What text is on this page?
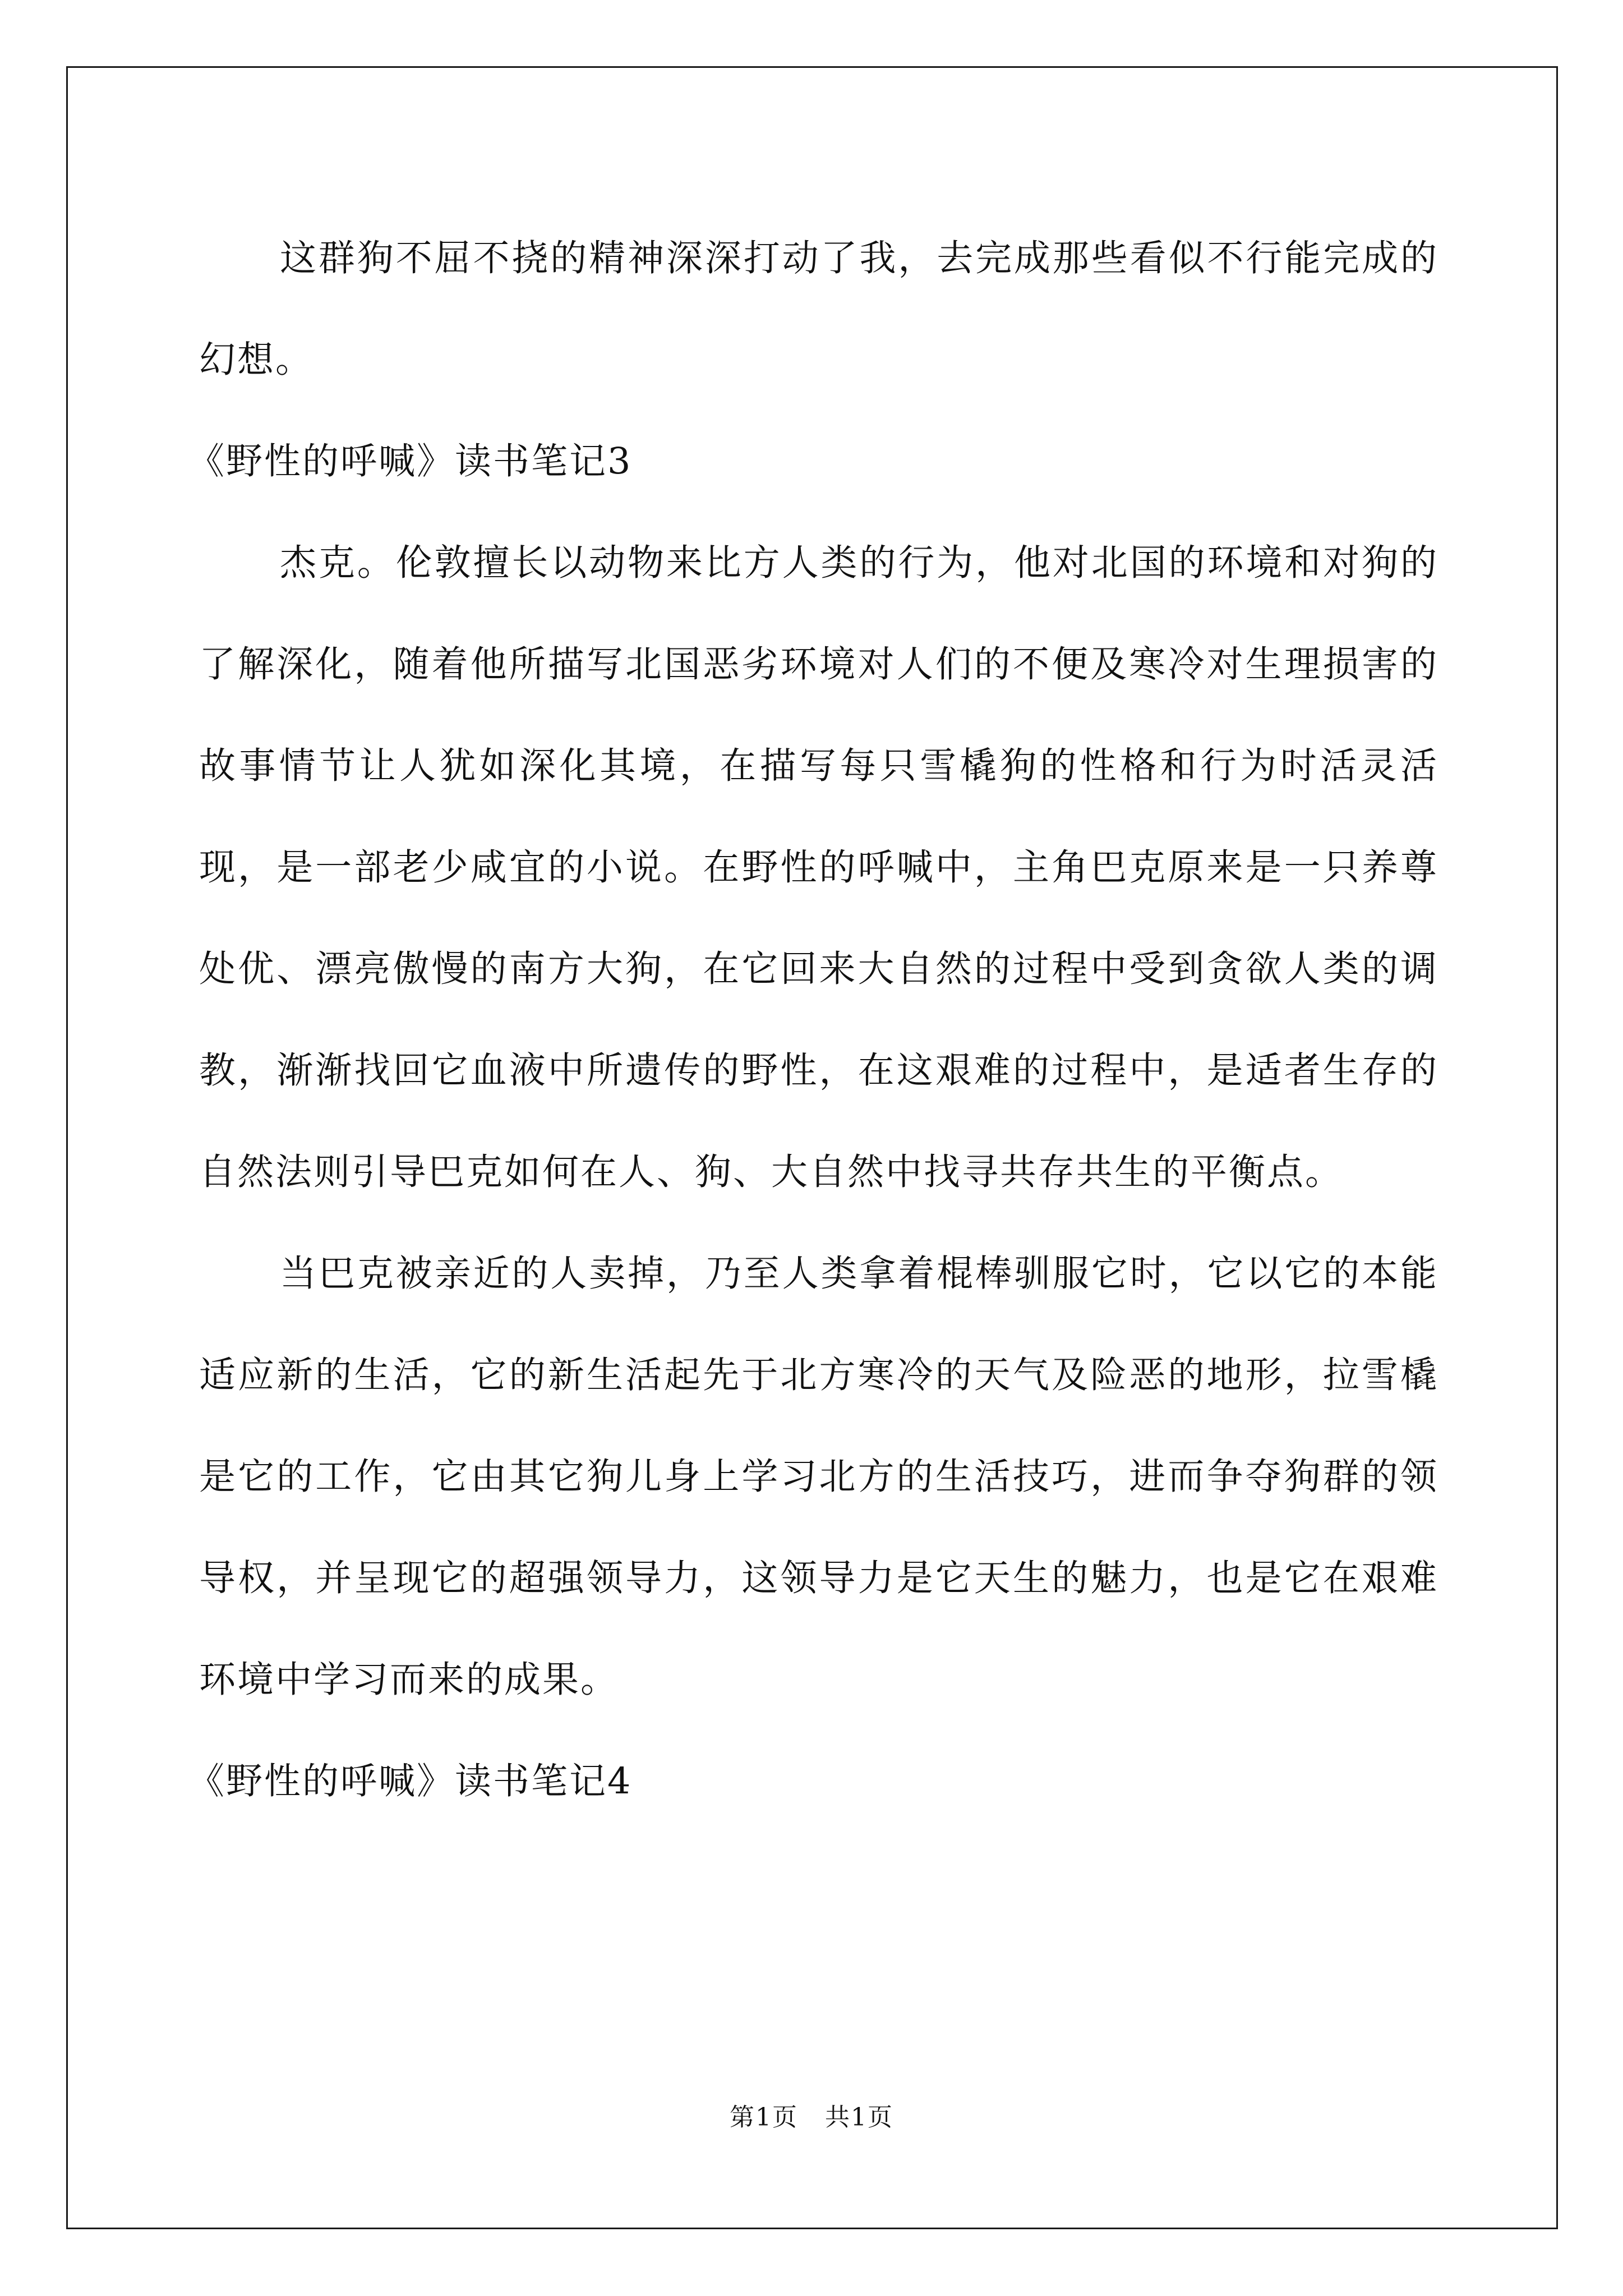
这群狗不屈不挠的精神深深打动了我，去完成那些看似不行能完成的幻想。

《野性的呼喊》读书笔记3

杰克。伦敦擅长以动物来比方人类的行为，他对北国的环境和对狗的了解深化，随着他所描写北国恶劣环境对人们的不便及寒冷对生理损害的故事情节让人犹如深化其境，在描写每只雪橇狗的性格和行为时活灵活现，是一部老少咸宜的小说。在野性的呼喊中，主角巴克原来是一只养尊处优、漂亮傲慢的南方大狗，在它回来大自然的过程中受到贪欲人类的调教，渐渐找回它血液中所遗传的野性，在这艰难的过程中，是适者生存的自然法则引导巴克如何在人、狗、大自然中找寻共存共生的平衡点。

当巴克被亲近的人卖掉，乃至人类拿着棍棒驯服它时，它以它的本能适应新的生活，它的新生活起先于北方寒冷的天气及险恶的地形，拉雪橇是它的工作，它由其它狗儿身上学习北方的生活技巧，进而争夺狗群的领导权，并呈现它的超强领导力，这领导力是它天生的魅力，也是它在艰难环境中学习而来的成果。

《野性的呼喊》读书笔记4

第1页   共1页
